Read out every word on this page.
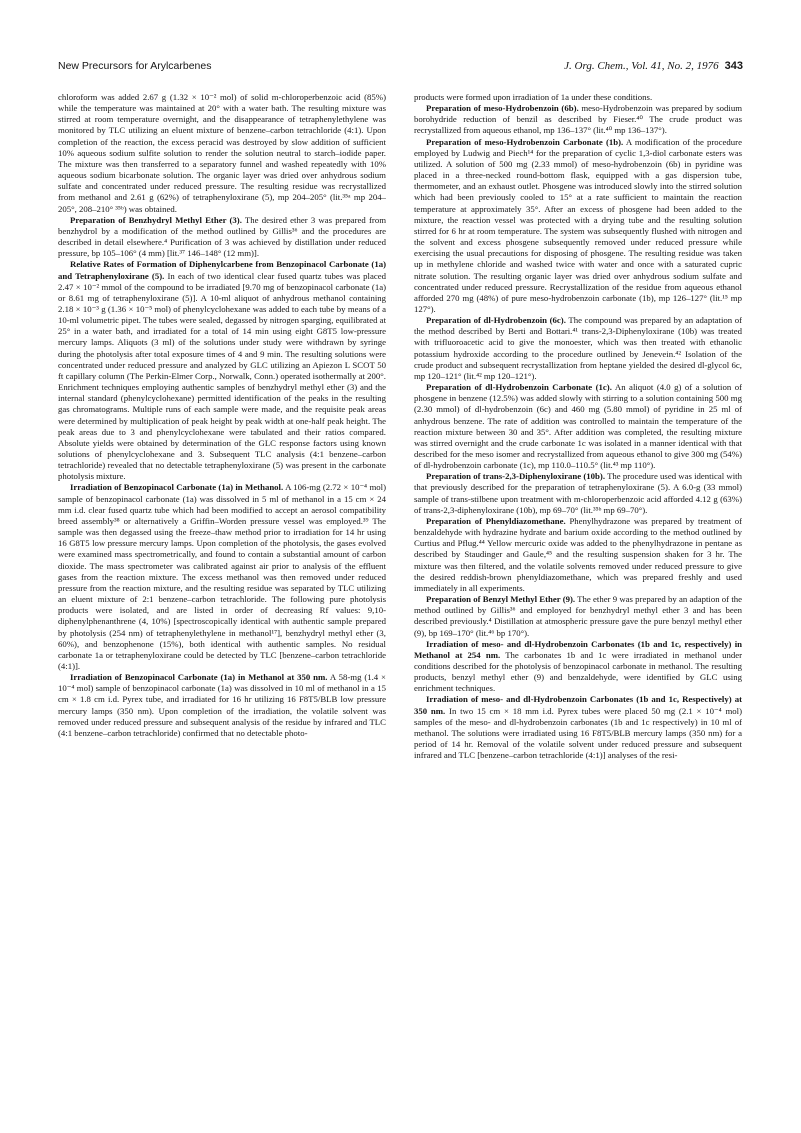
New Precursors for Arylcarbenes	J. Org. Chem., Vol. 41, No. 2, 1976 343

chloroform was added 2.67 g (1.32 × 10⁻² mol) of solid m-chloroperbenzoic acid (85%) while the temperature was maintained at 20° with a water bath. The resulting mixture was stirred at room temperature overnight, and the disappearance of tetraphenylethylene was monitored by TLC utilizing an eluent mixture of benzene–carbon tetrachloride (4:1). Upon completion of the reaction, the excess peracid was destroyed by slow addition of sufficient 10% aqueous sodium sulfite solution to render the solution neutral to starch–iodide paper. The mixture was then transferred to a separatory funnel and washed repeatedly with 10% aqueous sodium bicarbonate solution. The organic layer was dried over anhydrous sodium sulfate and concentrated under reduced pressure. The resulting residue was recrystallized from methanol and 2.61 g (62%) of tetraphenyloxirane (5), mp 204–205° (lit.³⁵ᵃ mp 204–205°, 208–210° ³⁵ᵇ) was obtained.

Preparation of Benzhydryl Methyl Ether (3). The desired ether 3 was prepared from benzhydrol by a modification of the method outlined by Gillis³⁶ and the procedures are described in detail elsewhere.⁴ Purification of 3 was achieved by distillation under reduced pressure, bp 105–106° (4 mm) [lit.³⁷ 146–148° (12 mm)].

Relative Rates of Formation of Diphenylcarbene from Benzopinacol Carbonate (1a) and Tetraphenyloxirane (5). In each of two identical clear fused quartz tubes was placed 2.47 × 10⁻² mmol of the compound to be irradiated [9.70 mg of benzopinacol carbonate (1a) or 8.61 mg of tetraphenyloxirane (5)]. A 10-ml aliquot of anhydrous methanol containing 2.18 × 10⁻³ g (1.36 × 10⁻⁵ mol) of phenylcyclohexane was added to each tube by means of a 10-ml volumetric pipet. The tubes were sealed, degassed by nitrogen sparging, equilibrated at 25° in a water bath, and irradiated for a total of 14 min using eight G8T5 low-pressure mercury lamps. Aliquots (3 ml) of the solutions under study were withdrawn by syringe during the photolysis after total exposure times of 4 and 9 min. The resulting solutions were concentrated under reduced pressure and analyzed by GLC utilizing an Apiezon L SCOT 50 ft capillary column (The Perkin-Elmer Corp., Norwalk, Conn.) operated isothermally at 200°. Enrichment techniques employing authentic samples of benzhydryl methyl ether (3) and the internal standard (phenylcyclohexane) permitted identification of the peaks in the resulting gas chromatograms. Multiple runs of each sample were made, and the requisite peak areas were determined by multiplication of peak height by peak width at one-half peak height. The peak areas due to 3 and phenylcyclohexane were tabulated and their ratios compared. Absolute yields were obtained by determination of the GLC response factors using known solutions of phenylcyclohexane and 3. Subsequent TLC analysis (4:1 benzene–carbon tetrachloride) revealed that no detectable tetraphenyloxirane (5) was present in the carbonate photolysis mixture.

Irradiation of Benzopinacol Carbonate (1a) in Methanol. A 106-mg (2.72 × 10⁻⁴ mol) sample of benzopinacol carbonate (1a) was dissolved in 5 ml of methanol in a 15 cm × 24 mm i.d. clear fused quartz tube which had been modified to accept an aerosol compatibility breed assembly³⁸ or alternatively a Griffin–Worden pressure vessel was employed.³⁹ The sample was then degassed using the freeze–thaw method prior to irradiation for 14 hr using 16 G8T5 low pressure mercury lamps. Upon completion of the photolysis, the gases evolved were examined mass spectrometrically, and found to contain a substantial amount of carbon dioxide. The mass spectrometer was calibrated against air prior to analysis of the effluent gases from the reaction mixture. The excess methanol was then removed under reduced pressure from the reaction mixture, and the resulting residue was separated by TLC utilizing an eluent mixture of 2:1 benzene–carbon tetrachloride. The following pure photolysis products were isolated, and are listed in order of decreasing Rf values: 9,10-diphenylphenanthrene (4, 10%) [spectroscopically identical with authentic sample prepared by photolysis (254 nm) of tetraphenylethylene in methanol¹⁷], benzhydryl methyl ether (3, 60%), and benzophenone (15%), both identical with authentic samples. No residual carbonate 1a or tetraphenyloxirane could be detected by TLC [benzene–carbon tetrachloride (4:1)].

Irradiation of Benzopinacol Carbonate (1a) in Methanol at 350 nm. A 58-mg (1.4 × 10⁻⁴ mol) sample of benzopinacol carbonate (1a) was dissolved in 10 ml of methanol in a 15 cm × 1.8 cm i.d. Pyrex tube, and irradiated for 16 hr utilizing 16 F8T5/BLB low pressure mercury lamps (350 nm). Upon completion of the irradiation, the volatile solvent was removed under reduced pressure and subsequent analysis of the residue by infrared and TLC (4:1 benzene–carbon tetrachloride) confirmed that no detectable photo-

products were formed upon irradiation of 1a under these conditions.

Preparation of meso-Hydrobenzoin (6b). meso-Hydrobenzoin was prepared by sodium borohydride reduction of benzil as described by Fieser.⁴⁰ The crude product was recrystallized from aqueous ethanol, mp 136–137° (lit.⁴⁰ mp 136–137°).

Preparation of meso-Hydrobenzoin Carbonate (1b). A modification of the procedure employed by Ludwig and Piech¹⁴ for the preparation of cyclic 1,3-diol carbonate esters was utilized. A solution of 500 mg (2.33 mmol) of meso-hydrobenzoin (6b) in pyridine was placed in a three-necked round-bottom flask, equipped with a gas dispersion tube, thermometer, and an exhaust outlet. Phosgene was introduced slowly into the stirred solution which had been previously cooled to 15° at a rate sufficient to maintain the reaction temperature at approximately 35°. After an excess of phosgene had been added to the mixture, the reaction vessel was protected with a drying tube and the resulting solution stirred for 6 hr at room temperature. The system was subsequently flushed with nitrogen and the solvent and excess phosgene subsequently removed under reduced pressure while exercising the usual precautions for disposing of phosgene. The resulting residue was taken up in methylene chloride and washed twice with water and once with a saturated cupric nitrate solution. The resulting organic layer was dried over anhydrous sodium sulfate and concentrated under reduced pressure. Recrystallization of the residue from aqueous ethanol afforded 270 mg (48%) of pure meso-hydrobenzoin carbonate (1b), mp 126–127° (lit.¹⁵ mp 127°).

Preparation of dl-Hydrobenzoin (6c). The compound was prepared by an adaptation of the method described by Berti and Bottari.⁴¹ trans-2,3-Diphenyloxirane (10b) was treated with trifluoroacetic acid to give the monoester, which was then treated with ethanolic potassium hydroxide according to the procedure outlined by Jenevein.⁴² Isolation of the crude product and subsequent recrystallization from heptane yielded the desired dl-glycol 6c, mp 120–121° (lit.⁴² mp 120–121°).

Preparation of dl-Hydrobenzoin Carbonate (1c). An aliquot (4.0 g) of a solution of phosgene in benzene (12.5%) was added slowly with stirring to a solution containing 500 mg (2.30 mmol) of dl-hydrobenzoin (6c) and 460 mg (5.80 mmol) of pyridine in 25 ml of anhydrous benzene. The rate of addition was controlled to maintain the temperature of the reaction mixture between 30 and 35°. After addition was completed, the resulting mixture was stirred overnight and the crude carbonate 1c was isolated in a manner identical with that described for the meso isomer and recrystallized from aqueous ethanol to give 300 mg (54%) of dl-hydrobenzoin carbonate (1c), mp 110.0–110.5° (lit.⁴³ mp 110°).

Preparation of trans-2,3-Diphenyloxirane (10b). The procedure used was identical with that previously described for the preparation of tetraphenyloxirane (5). A 6.0-g (33 mmol) sample of trans-stilbene upon treatment with m-chloroperbenzoic acid afforded 4.12 g (63%) of trans-2,3-diphenyloxirane (10b), mp 69–70° (lit.³⁵ᵇ mp 69–70°).

Preparation of Phenyldiazomethane. Phenylhydrazone was prepared by treatment of benzaldehyde with hydrazine hydrate and barium oxide according to the method outlined by Curtius and Pflug.⁴⁴ Yellow mercuric oxide was added to the phenylhydrazone in pentane as described by Staudinger and Gaule,⁴⁵ and the resulting suspension shaken for 3 hr. The mixture was then filtered, and the volatile solvents removed under reduced pressure to give the desired reddish-brown phenyldiazomethane, which was prepared freshly and used immediately in all experiments.

Preparation of Benzyl Methyl Ether (9). The ether 9 was prepared by an adaption of the method outlined by Gillis³⁶ and employed for benzhydryl methyl ether 3 and has been described previously.⁴ Distillation at atmospheric pressure gave the pure benzyl methyl ether (9), bp 169–170° (lit.⁴⁶ bp 170°).

Irradiation of meso- and dl-Hydrobenzoin Carbonates (1b and 1c, respectively) in Methanol at 254 nm. The carbonates 1b and 1c were irradiated in methanol under conditions described for the photolysis of benzopinacol carbonate in methanol. The resulting products, benzyl methyl ether (9) and benzaldehyde, were identified by GLC using enrichment techniques.

Irradiation of meso- and dl-Hydrobenzoin Carbonates (1b and 1c, Respectively) at 350 nm. In two 15 cm × 18 mm i.d. Pyrex tubes were placed 50 mg (2.1 × 10⁻⁴ mol) samples of the meso- and dl-hydrobenzoin carbonates (1b and 1c respectively) in 10 ml of methanol. The solutions were irradiated using 16 F8T5/BLB mercury lamps (350 nm) for a period of 14 hr. Removal of the volatile solvent under reduced pressure and subsequent infrared and TLC [benzene–carbon tetrachloride (4:1)] analyses of the resi-
